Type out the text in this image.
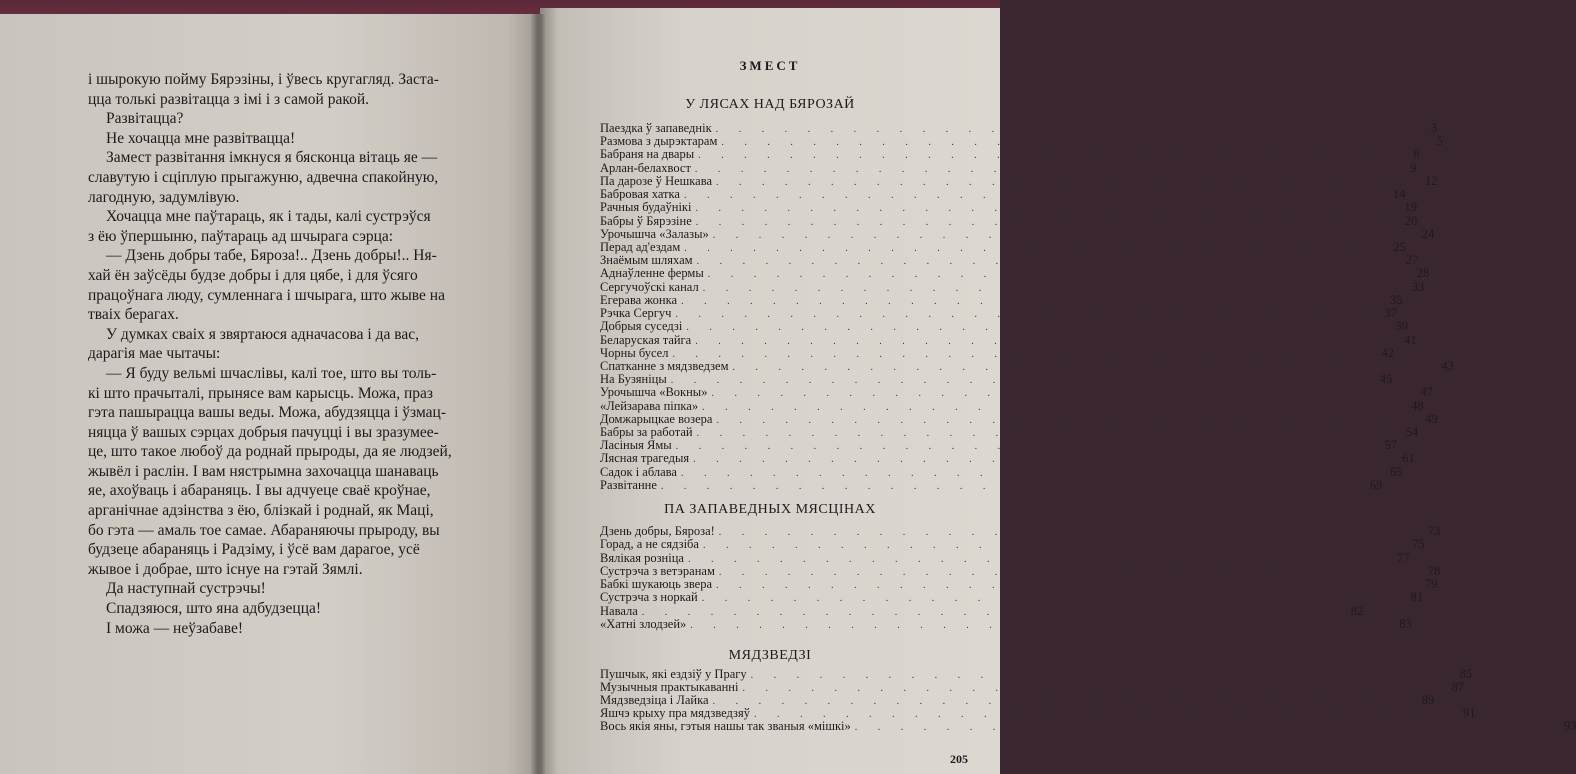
і шырокую пойму Бярэзіны, і ўвесь кругагляд. Заста-
цца толькі развітацца з імі і з самой ракой.
Развітацца?
Не хочацца мне развітвацца!
Замест развітання імкнуся я бясконца вітаць яе —
славутую і сціплую прыгажуню, адвечна спакойную,
лагодную, задумлівую.
Хочацца мне паўтараць, як і тады, калі сустрэўся
з ёю ўпершыню, паўтараць ад шчырага сэрца:
— Дзень добры табе, Бяроза!.. Дзень добры!.. Ня-
хай ён заўсёды будзе добры і для цябе, і для ўсяго
працоўнага люду, сумленнага і шчырага, што жыве на
тваіх берагах.
У думках сваіх я звяртаюся адначасова і да вас,
дарагія мае чытачы:
— Я буду вельмі шчаслівы, калі тое, што вы толь-
кі што прачыталі, прынясе вам карысць. Можа, праз
гэта пашырацца вашы веды. Можа, абудзяцца і ўзмац-
няцца ў вашых сэрцах добрыя пачуцці і вы зразумее-
це, што такое любоў да роднай прыроды, да яе людзей,
жывёл і раслін. І вам нястрымна захочацца шанаваць
яе, ахоўваць і абараняць. І вы адчуеце сваё кроўнае,
арганічнае адзінства з ёю, блізкай і роднай, як Маці,
бо гэта — амаль тое самае. Абараняючы прыроду, вы
будзеце абараняць і Радзіму, і ўсё вам дарагое, усё
жывое і добрае, што існуе на гэтай Зямлі.
Да наступнай сустрэчы!
Спадзяюся, што яна адбудзецца!
І можа — неўзабаве!
ЗМЕСТ
У ЛЯСАХ НАД БЯРОЗАЙ
Паездка ў запаведнік . . . . . . . . . . . . . . . . . . . . . . . . . . . . . . .	3
Размова з дырэктарам . . . . . . . . . . . . . . . . . . . . . . . . . . . . . . .	5
Бабраня на двары . . . . . . . . . . . . . . . . . . . . . . . . . . . . . . .	8
Арлан-белахвост . . . . . . . . . . . . . . . . . . . . . . . . . . . . . . .	9
Па дарозе ў Нешкава . . . . . . . . . . . . . . . . . . . . . . . . . . . . . . . 12
Бабровая хатка . . . . . . . . . . . . . . . . . . . . . . . . . . . . . . . 14
Рачныя будаўнікі . . . . . . . . . . . . . . . . . . . . . . . . . . . . . . . 19
Бабры ў Бярэзіне . . . . . . . . . . . . . . . . . . . . . . . . . . . . . . . 20
Урочышча «Залазы» . . . . . . . . . . . . . . . . . . . . . . . . . . . . . . . 24
Перад ад'ездам . . . . . . . . . . . . . . . . . . . . . . . . . . . . . . . 25
Знаёмым шляхам . . . . . . . . . . . . . . . . . . . . . . . . . . . . . . . 27
Аднаўленне фермы . . . . . . . . . . . . . . . . . . . . . . . . . . . . . . . 28
Сергучоўскі канал . . . . . . . . . . . . . . . . . . . . . . . . . . . . . . . 33
Егерава жонка . . . . . . . . . . . . . . . . . . . . . . . . . . . . . . . 35
Рэчка Сергуч . . . . . . . . . . . . . . . . . . . . . . . . . . . . . . . 37
Добрыя суседзі . . . . . . . . . . . . . . . . . . . . . . . . . . . . . . . 39
Беларуская тайга . . . . . . . . . . . . . . . . . . . . . . . . . . . . . . . 41
Чорны бусел . . . . . . . . . . . . . . . . . . . . . . . . . . . . . . . 42
Спатканне з мядзведзем . . . . . . . . . . . . . . . . . . . . . . . . . . . . . . . 43
На Бузяніцы . . . . . . . . . . . . . . . . . . . . . . . . . . . . . . . 45
Урочышча «Вокны» . . . . . . . . . . . . . . . . . . . . . . . . . . . . . . . 47
«Лейзарава піпка» . . . . . . . . . . . . . . . . . . . . . . . . . . . . . . . 48
Домжарыцкае возера . . . . . . . . . . . . . . . . . . . . . . . . . . . . . . . 49
Бабры за работай . . . . . . . . . . . . . . . . . . . . . . . . . . . . . . . 54
Ласіныя Ямы . . . . . . . . . . . . . . . . . . . . . . . . . . . . . . . 57
Лясная трагедыя . . . . . . . . . . . . . . . . . . . . . . . . . . . . . . . 61
Садок і аблава . . . . . . . . . . . . . . . . . . . . . . . . . . . . . . . 65
Развітанне . . . . . . . . . . . . . . . . . . . . . . . . . . . . . . . 69
ПА ЗАПАВЕДНЫХ МЯСЦІНАХ
Дзень добры, Бяроза! . . . . . . . . . . . . . . . . . . . . . . . . . . . . . . . 73
Горад, а не сядзіба . . . . . . . . . . . . . . . . . . . . . . . . . . . . . . . 75
Вялікая розніца . . . . . . . . . . . . . . . . . . . . . . . . . . . . . . . 77
Сустрэча з ветэранам . . . . . . . . . . . . . . . . . . . . . . . . . . . . . . . 78
Бабкі шукаюць звера . . . . . . . . . . . . . . . . . . . . . . . . . . . . . . . 79
Сустрэча з норкай . . . . . . . . . . . . . . . . . . . . . . . . . . . . . . . 81
Навала . . . . . . . . . . . . . . . . . . . . . . . . . . . . . . . 82
«Хатні злодзей» . . . . . . . . . . . . . . . . . . . . . . . . . . . . . . . 83
МЯДЗВЕДЗІ
Пушчык, які ездзіў у Прагу . . . . . . . . . . . . . . . . . . . . . . . . . . . . . . . 85
Музычныя практыкаванні . . . . . . . . . . . . . . . . . . . . . . . . . . . . . . . 87
Мядзведзіца і Лайка . . . . . . . . . . . . . . . . . . . . . . . . . . . . . . . 89
Яшчэ крыху пра мядзведзяў . . . . . . . . . . . . . . . . . . . . . . . . . . . . . . . 91
Вось якія яны, гэтыя нашы так званыя «мішкі» . . . . . . . . . . . . . . . . . . . . . . . . . . . . . . . 93
205
